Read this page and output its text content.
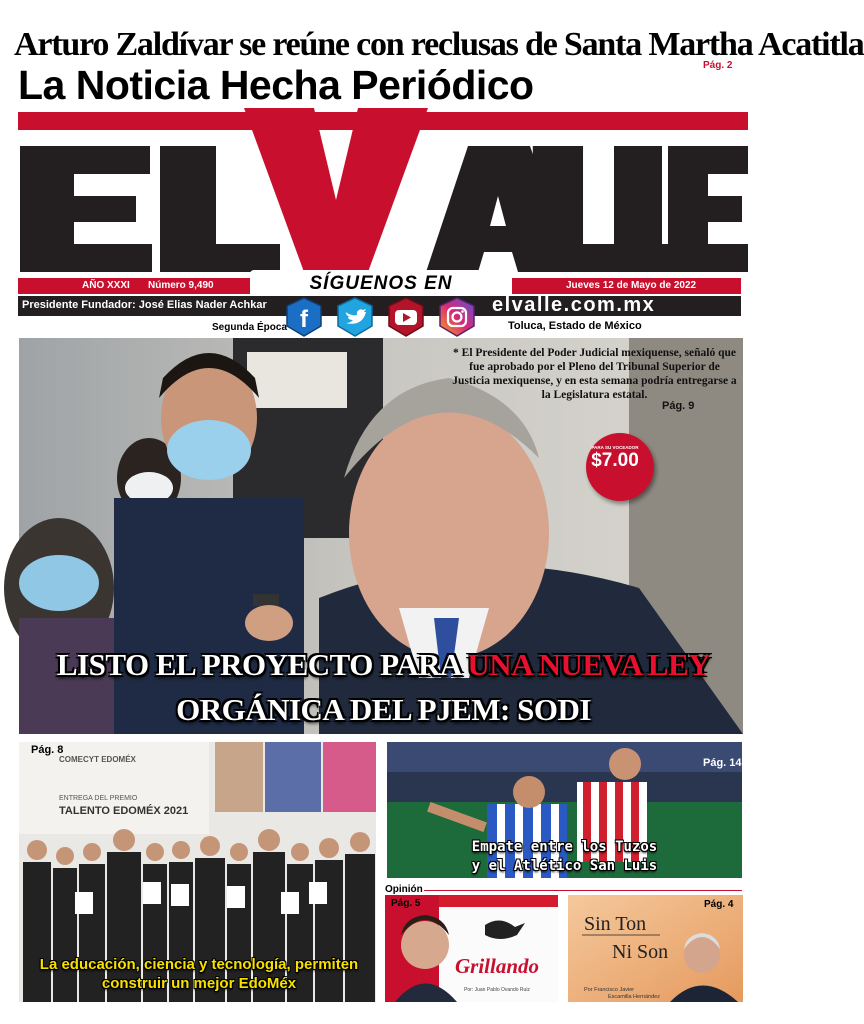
Arturo Zaldívar se reúne con reclusas de Santa Martha Acatitla
Pág. 2
La Noticia Hecha Periódico
AÑO XXXI Número 9,490	Jueves 12 de Mayo de 2022
SÍGUENOS EN
Presidente Fundador: José Elias Nader Achkar	elvalle.com.mx
Segunda Época	Toluca, Estado de México
f
* El Presidente del Poder Judicial mexiquense, señaló que fue aprobado por el Pleno del Tribunal Superior de Justicia mexiquense, y en esta semana podría entregarse a la Legislatura estatal.
Pág. 9
PARA SU VOCEADOR
$7.00
LISTO EL PROYECTO PARA UNA NUEVA LEY
ORGÁNICA DEL PJEM: SODI
COMECYT EDOMÉX
ENTREGA DEL PREMIO
TALENTO EDOMÉX 2021
Pág. 8
La educación, ciencia y tecnología, permiten construir un mejor EdoMéx
Pág. 14
Empate entre los Tuzos
y el Atlético San Luis
Opinión
Pág. 5
Grillando
Por: Juan Pablo Ovando Ruiz
Pág. 4
Sin Ton
Ni Son
Por Francisco Javier
Escamilla Hernández
